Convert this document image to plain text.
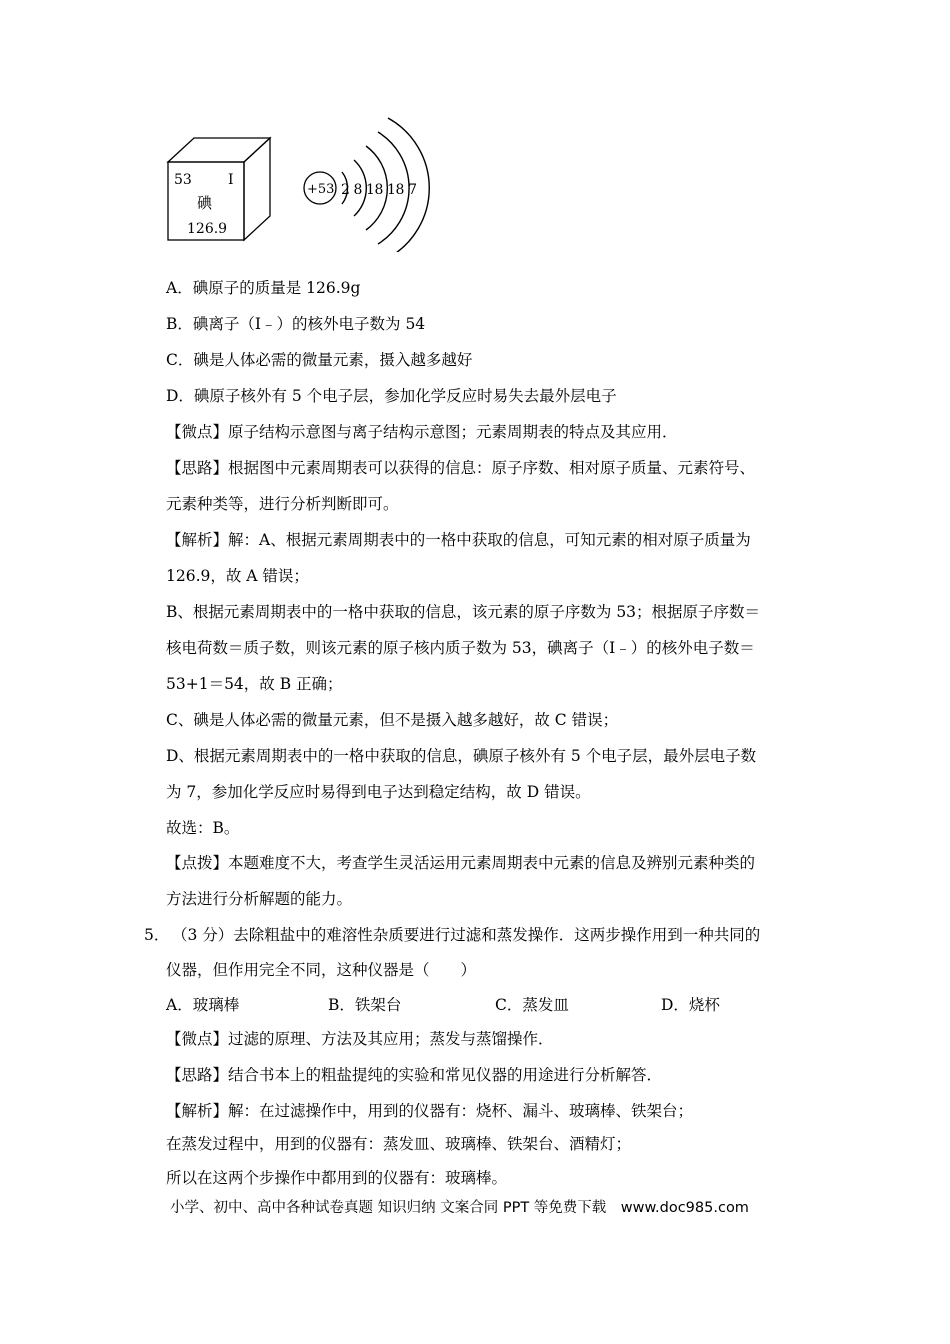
53	I
碘
126.9
+53 2 8 18 18 7
A．碘原子的质量是 126.9g
B．碘离子（I﹣）的核外电子数为 54
C．碘是人体必需的微量元素，摄入越多越好
D．碘原子核外有 5 个电子层，参加化学反应时易失去最外层电子
【微点】原子结构示意图与离子结构示意图；元素周期表的特点及其应用．
【思路】根据图中元素周期表可以获得的信息：原子序数、相对原子质量、元素符号、
元素种类等，进行分析判断即可。
【解析】解：A、根据元素周期表中的一格中获取的信息，可知元素的相对原子质量为
126.9，故 A 错误；
B、根据元素周期表中的一格中获取的信息，该元素的原子序数为 53；根据原子序数＝
核电荷数＝质子数，则该元素的原子核内质子数为 53，碘离子（I﹣）的核外电子数＝
53+1＝54，故 B 正确；
C、碘是人体必需的微量元素，但不是摄入越多越好，故 C 错误；
D、根据元素周期表中的一格中获取的信息，碘原子核外有 5 个电子层，最外层电子数
为 7，参加化学反应时易得到电子达到稳定结构，故 D 错误。
故选：B。
【点拨】本题难度不大，考查学生灵活运用元素周期表中元素的信息及辨别元素种类的
方法进行分析解题的能力。
5． （3 分）去除粗盐中的难溶性杂质要进行过滤和蒸发操作．这两步操作用到一种共同的
仪器，但作用完全不同，这种仪器是（　　）
A．玻璃棒	B．铁架台	C．蒸发皿	D．烧杯
【微点】过滤的原理、方法及其应用；蒸发与蒸馏操作．
【思路】结合书本上的粗盐提纯的实验和常见仪器的用途进行分析解答．
【解析】解：在过滤操作中，用到的仪器有：烧杯、漏斗、玻璃棒、铁架台；
在蒸发过程中，用到的仪器有：蒸发皿、玻璃棒、铁架台、酒精灯；
所以在这两个步操作中都用到的仪器有：玻璃棒。
小学、初中、高中各种试卷真题 知识归纳 文案合同 PPT 等免费下载　www.doc985.com
